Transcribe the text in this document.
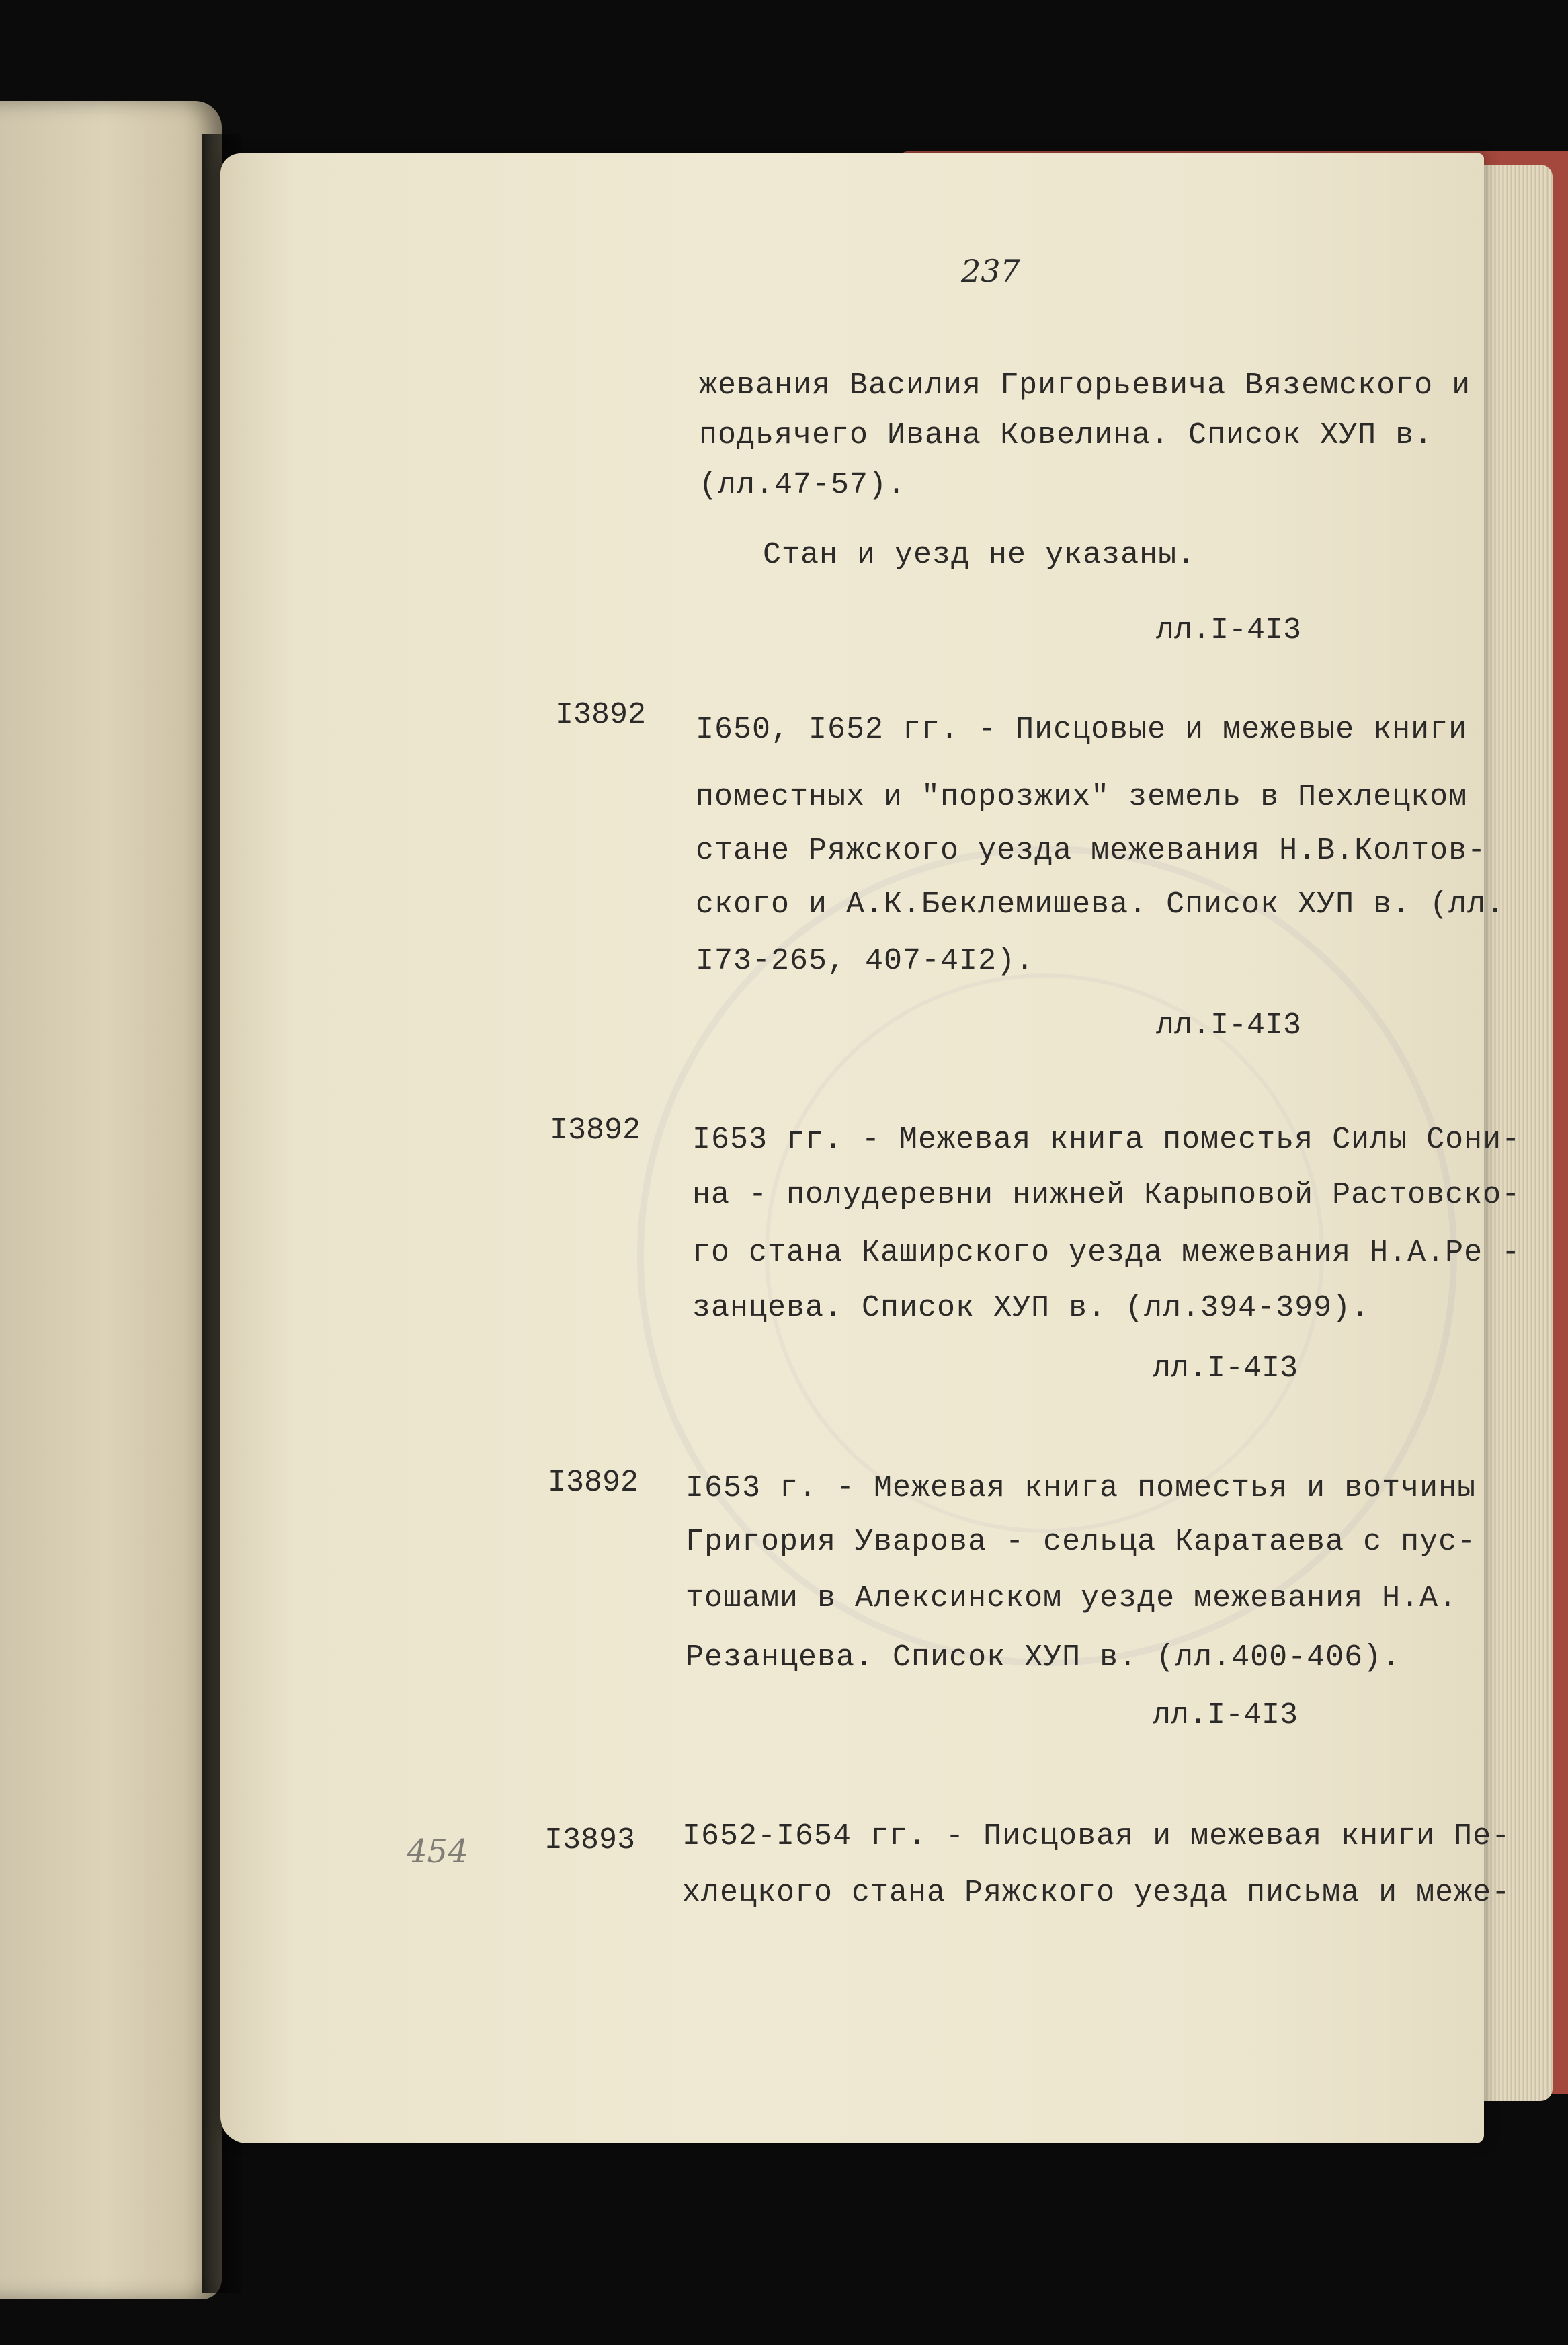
237
жевания Василия Григорьевича Вяземского и
подьячего Ивана Ковелина. Список ХУП в.
(лл.47-57).
Стан и уезд не указаны.
лл.I-4I3
I3892 I650, I652 гг. - Писцовые и межевые книги
поместных и "порозжих" земель в Пехлецком
стане Ряжского уезда межевания Н.В.Колтов-
ского и А.К.Беклемишева. Список ХУП в. (лл.
I73-265, 407-4I2).
лл.I-4I3
I3892 I653 гг. - Межевая книга поместья Силы Сони-
на - полудеревни нижней Карыповой Растовско-
го стана Каширского уезда межевания Н.А.Ре -
занцева. Список ХУП в. (лл.394-399).
лл.I-4I3
I3892 I653 г. - Межевая книга поместья и вотчины
Григория Уварова - сельца Каратаева с пус-
тошами в Алексинском уезде межевания Н.А.
Резанцева. Список ХУП в. (лл.400-406).
лл.I-4I3
454	I3893 I652-I654 гг. - Писцовая и межевая книги Пе-
хлецкого стана Ряжского уезда письма и меже-
